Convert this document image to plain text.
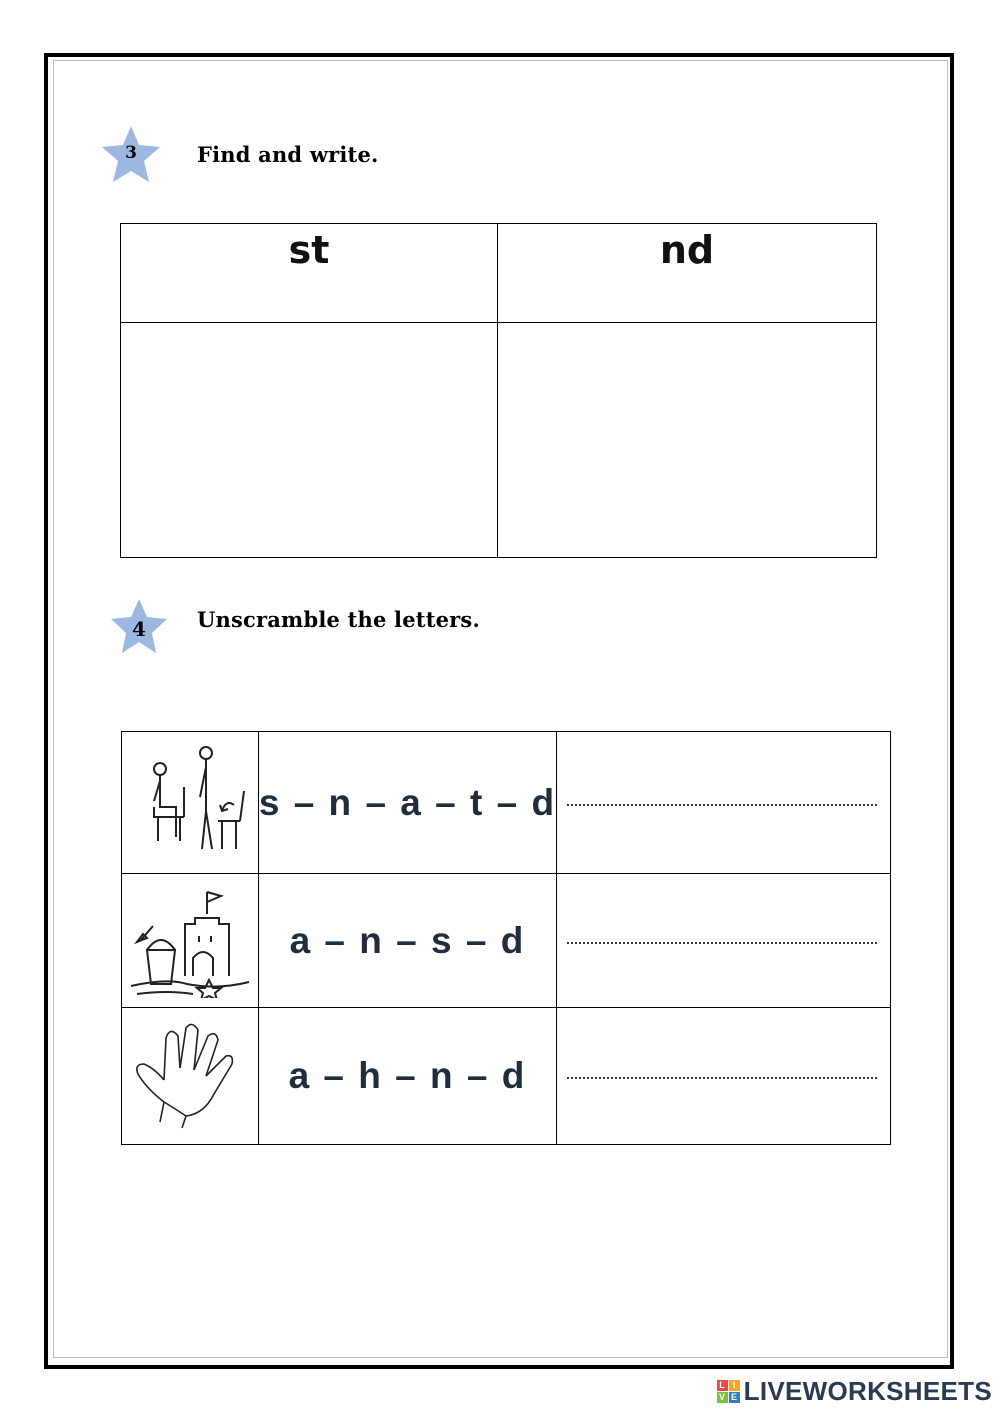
3	Find and write.
st	nd

4	Unscramble the letters.
	s – n – a – t – d	

	a – n – s – d	

	a – h – n – d	
L I
V E LIVEWORKSHEETS
